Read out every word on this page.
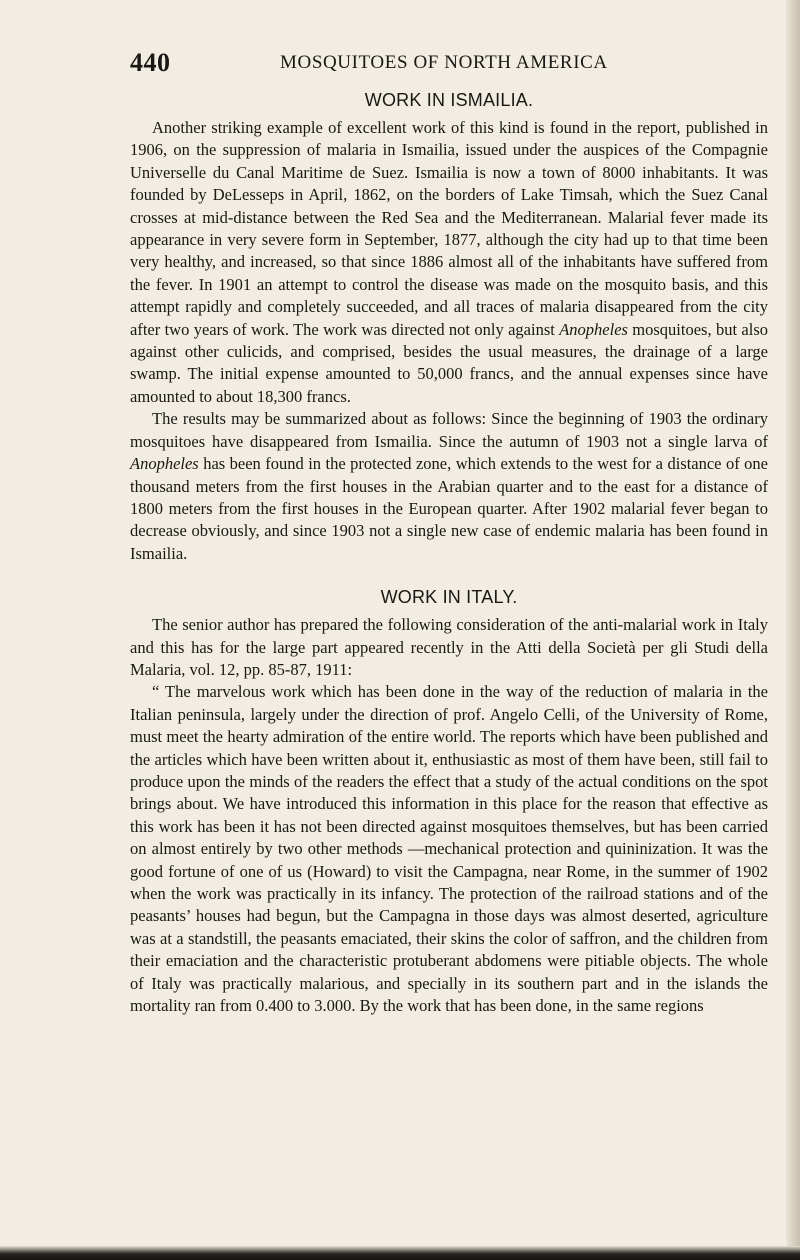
440	MOSQUITOES OF NORTH AMERICA
WORK IN ISMAILIA.

Another striking example of excellent work of this kind is found in the report, published in 1906, on the suppression of malaria in Ismailia, issued under the auspices of the Compagnie Universelle du Canal Maritime de Suez. Ismailia is now a town of 8000 inhabitants. It was founded by DeLesseps in April, 1862, on the borders of Lake Timsah, which the Suez Canal crosses at mid-distance between the Red Sea and the Mediterranean. Malarial fever made its appearance in very severe form in September, 1877, although the city had up to that time been very healthy, and increased, so that since 1886 almost all of the inhabitants have suffered from the fever. In 1901 an attempt to control the disease was made on the mosquito basis, and this attempt rapidly and completely succeeded, and all traces of malaria disappeared from the city after two years of work. The work was directed not only against Anopheles mosquitoes, but also against other culicids, and comprised, besides the usual measures, the drainage of a large swamp. The initial expense amounted to 50,000 francs, and the annual expenses since have amounted to about 18,300 francs.

The results may be summarized about as follows: Since the beginning of 1903 the ordinary mosquitoes have disappeared from Ismailia. Since the autumn of 1903 not a single larva of Anopheles has been found in the protected zone, which extends to the west for a distance of one thousand meters from the first houses in the Arabian quarter and to the east for a distance of 1800 meters from the first houses in the European quarter. After 1902 malarial fever began to decrease obviously, and since 1903 not a single new case of endemic malaria has been found in Ismailia.

WORK IN ITALY.

The senior author has prepared the following consideration of the anti-malarial work in Italy and this has for the large part appeared recently in the Atti della Società per gli Studi della Malaria, vol. 12, pp. 85-87, 1911:

“ The marvelous work which has been done in the way of the reduction of malaria in the Italian peninsula, largely under the direction of prof. Angelo Celli, of the University of Rome, must meet the hearty admiration of the entire world. The reports which have been published and the articles which have been written about it, enthusiastic as most of them have been, still fail to produce upon the minds of the readers the effect that a study of the actual conditions on the spot brings about. We have introduced this information in this place for the reason that effective as this work has been it has not been directed against mosquitoes themselves, but has been carried on almost entirely by two other methods —mechanical protection and quininization. It was the good fortune of one of us (Howard) to visit the Campagna, near Rome, in the summer of 1902 when the work was practically in its infancy. The protection of the railroad stations and of the peasants’ houses had begun, but the Campagna in those days was almost deserted, agriculture was at a standstill, the peasants emaciated, their skins the color of saffron, and the children from their emaciation and the characteristic protuberant abdomens were pitiable objects. The whole of Italy was practically malarious, and specially in its southern part and in the islands the mortality ran from 0.400 to 3.000. By the work that has been done, in the same regions
